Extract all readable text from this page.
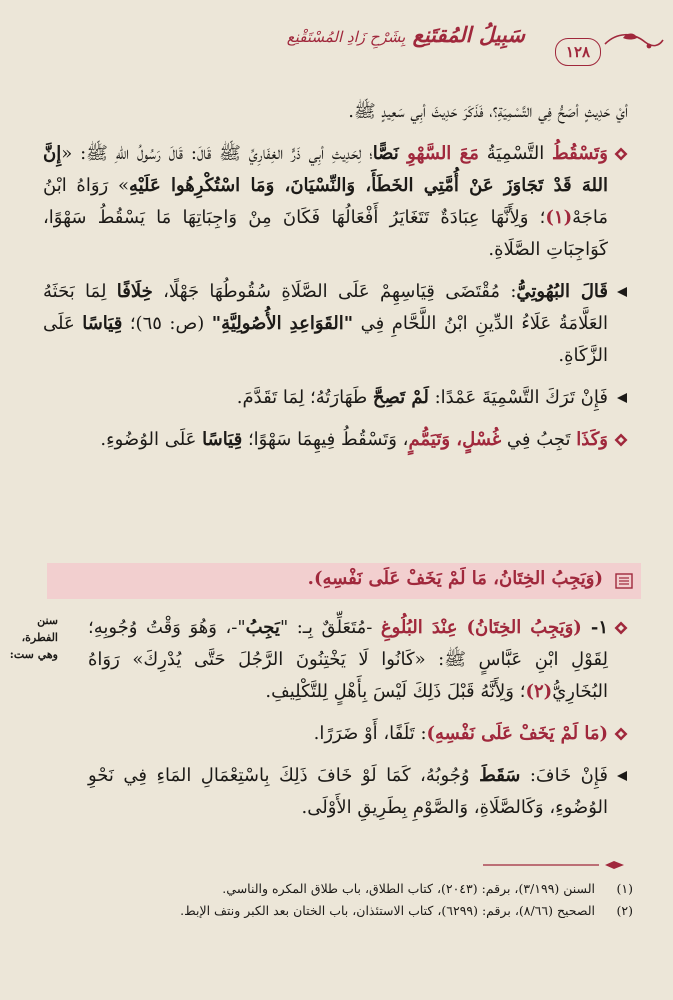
١٢٨
سَبِيلُ المُقتَنِع بِشَرْحِ زَادِ المُسْتَقْنِع
أيْ حَدِيثٍ أصَحُّ فِي التَّسْمِيَةِ؟، فَذَكَرَ حَدِيثَ أبِي سَعِيدٍ ﷺ.
وَتَسْقُطُ التَّسْمِيَةُ مَعَ السَّهْوِ نَصًّا؛ لِحَدِيثِ أبِي ذَرٍّ الغِفَارِيِّ ﷺ قَالَ: قَالَ رَسُولُ اللهِ ﷺ: «إِنَّ اللهَ قَدْ تَجَاوَزَ عَنْ أُمَّتِي الخَطَأَ، وَالنِّسْيَانَ، وَمَا اسْتُكْرِهُوا عَلَيْهِ» رَوَاهُ ابْنُ مَاجَهْ(١)؛ وَلِأَنَّهَا عِبَادَةٌ تَتَغَايَرُ أَفْعَالُهَا فَكَانَ مِنْ وَاجِبَاتِهَا مَا يَسْقُطُ سَهْوًا، كَوَاجِبَاتِ الصَّلَاةِ.
قَالَ البُهُوتِيُّ: مُقْتَضَى قِيَاسِهِمْ عَلَى الصَّلَاةِ سُقُوطُهَا جَهْلًا، خِلَافًا لِمَا بَحَثَهُ العَلَّامَةُ عَلَاءُ الدِّينِ ابْنُ اللَّحَّامِ فِي "القَوَاعِدِ الأُصُولِيَّةِ" (ص: ٦٥)؛ قِيَاسًا عَلَى الزَّكَاةِ.
فَإِنْ تَرَكَ التَّسْمِيَةَ عَمْدًا: لَمْ تَصِحَّ طَهَارَتُهُ؛ لِمَا تَقَدَّمَ.
وَكَذَا تَجِبُ فِي غُسْلٍ، وَتَيَمُّمٍ، وَتَسْقُطُ فِيهِمَا سَهْوًا؛ قِيَاسًا عَلَى الوُضُوءِ.
(وَيَجِبُ الخِتَانُ، مَا لَمْ يَخَفْ عَلَى نَفْسِهِ).
سنن الفطرة،
وهي ست:
١- (وَيَجِبُ الخِتَانُ) عِنْدَ البُلُوغِ -مُتَعَلِّقٌ بِـ: "يَجِبُ"-، وَهُوَ وَقْتُ وُجُوبِهِ؛ لِقَوْلِ ابْنِ عَبَّاسٍ ﷺ: «كَانُوا لَا يَخْتِنُونَ الرَّجُلَ حَتَّى يُدْرِكَ» رَوَاهُ البُخَارِيُّ(٢)؛ وَلِأَنَّهُ قَبْلَ ذَلِكَ لَيْسَ بِأَهْلٍ لِلتَّكْلِيفِ.
(مَا لَمْ يَخَفْ عَلَى نَفْسِهِ): تَلَفًا، أَوْ ضَرَرًا.
فَإِنْ خَافَ: سَقَطَ وُجُوبُهُ، كَمَا لَوْ خَافَ ذَلِكَ بِاسْتِعْمَالِ المَاءِ فِي نَحْوِ الوُضُوءِ، وَكَالصَّلَاةِ، وَالصَّوْمِ بِطَرِيقِ الأَوْلَى.
(١)
السنن (٣/١٩٩)، برقم: (٢٠٤٣)، كتاب الطلاق، باب طلاق المكره والناسي.
(٢)
الصحيح (٨/٦٦)، برقم: (٦٢٩٩)، كتاب الاستئذان، باب الختان بعد الكبر ونتف الإبط.
